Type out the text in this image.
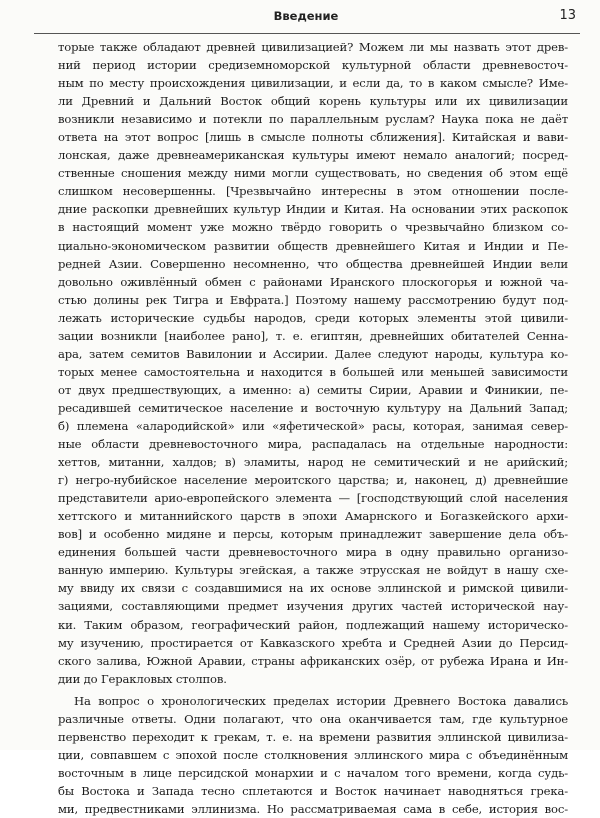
Введение	13
торые также обладают древней цивилизацией? Можем ли мы назвать этот древ-
ний период истории средиземноморской культурной области древневосточ-
ным по месту происхождения цивилизации, и если да, то в каком смысле? Име-
ли Древний и Дальний Восток общий корень культуры или их цивилизации
возникли независимо и потекли по параллельным руслам? Наука пока не даёт
ответа на этот вопрос [лишь в смысле полноты сближения]. Китайская и вави-
лонская, даже древнеамериканская культуры имеют немало аналогий; посред-
ственные сношения между ними могли существовать, но сведения об этом ещё
слишком несовершенны. [Чрезвычайно интересны в этом отношении после-
дние раскопки древнейших культур Индии и Китая. На основании этих раскопок
в настоящий момент уже можно твёрдо говорить о чрезвычайно близком со-
циально-экономическом развитии обществ древнейшего Китая и Индии и Пе-
редней Азии. Совершенно несомненно, что общества древнейшей Индии вели
довольно оживлённый обмен с районами Иранского плоскогорья и южной ча-
стью долины рек Тигра и Евфрата.] Поэтому нашему рассмотрению будут под-
лежать исторические судьбы народов, среди которых элементы этой цивили-
зации возникли [наиболее рано], т. е. египтян, древнейших обитателей Сенна-
ара, затем семитов Вавилонии и Ассирии. Далее следуют народы, культура ко-
торых менее самостоятельна и находится в большей или меньшей зависимости
от двух предшествующих, а именно: а) семиты Сирии, Аравии и Финикии, пе-
ресадившей семитическое население и восточную культуру на Дальний Запад;
б) племена «алародийской» или «яфетической» расы, которая, занимая север-
ные области древневосточного мира, распадалась на отдельные народности:
хеттов, митанни, халдов; в) эламиты, народ не семитический и не арийский;
г) негро-нубийское население мероитского царства; и, наконец, д) древнейшие
представители арио-европейского элемента — [господствующий слой населения
хеттского и митаннийского царств в эпохи Амарнского и Богазкейского архи-
вов] и особенно мидяне и персы, которым принадлежит завершение дела объ-
единения большей части древневосточного мира в одну правильно организо-
ванную империю. Культуры эгейская, а также этрусская не войдут в нашу схе-
му ввиду их связи с создавшимися на их основе эллинской и римской цивили-
зациями, составляющими предмет изучения других частей исторической нау-
ки. Таким образом, географический район, подлежащий нашему историческо-
му изучению, простирается от Кавказского хребта и Средней Азии до Персид-
ского залива, Южной Аравии, страны африканских озёр, от рубежа Ирана и Ин-
дии до Геракловых столпов.
На вопрос о хронологических пределах истории Древнего Востока давались
различные ответы. Одни полагают, что она оканчивается там, где культурное
первенство переходит к грекам, т. е. на времени развития эллинской цивилиза-
ции, совпавшем с эпохой после столкновения эллинского мира с объединённым
восточным в лице персидской монархии и с началом того времени, когда судь-
бы Востока и Запада тесно сплетаются и Восток начинает наводняться грека-
ми, предвестниками эллинизма. Но рассматриваемая сама в себе, история вос-
